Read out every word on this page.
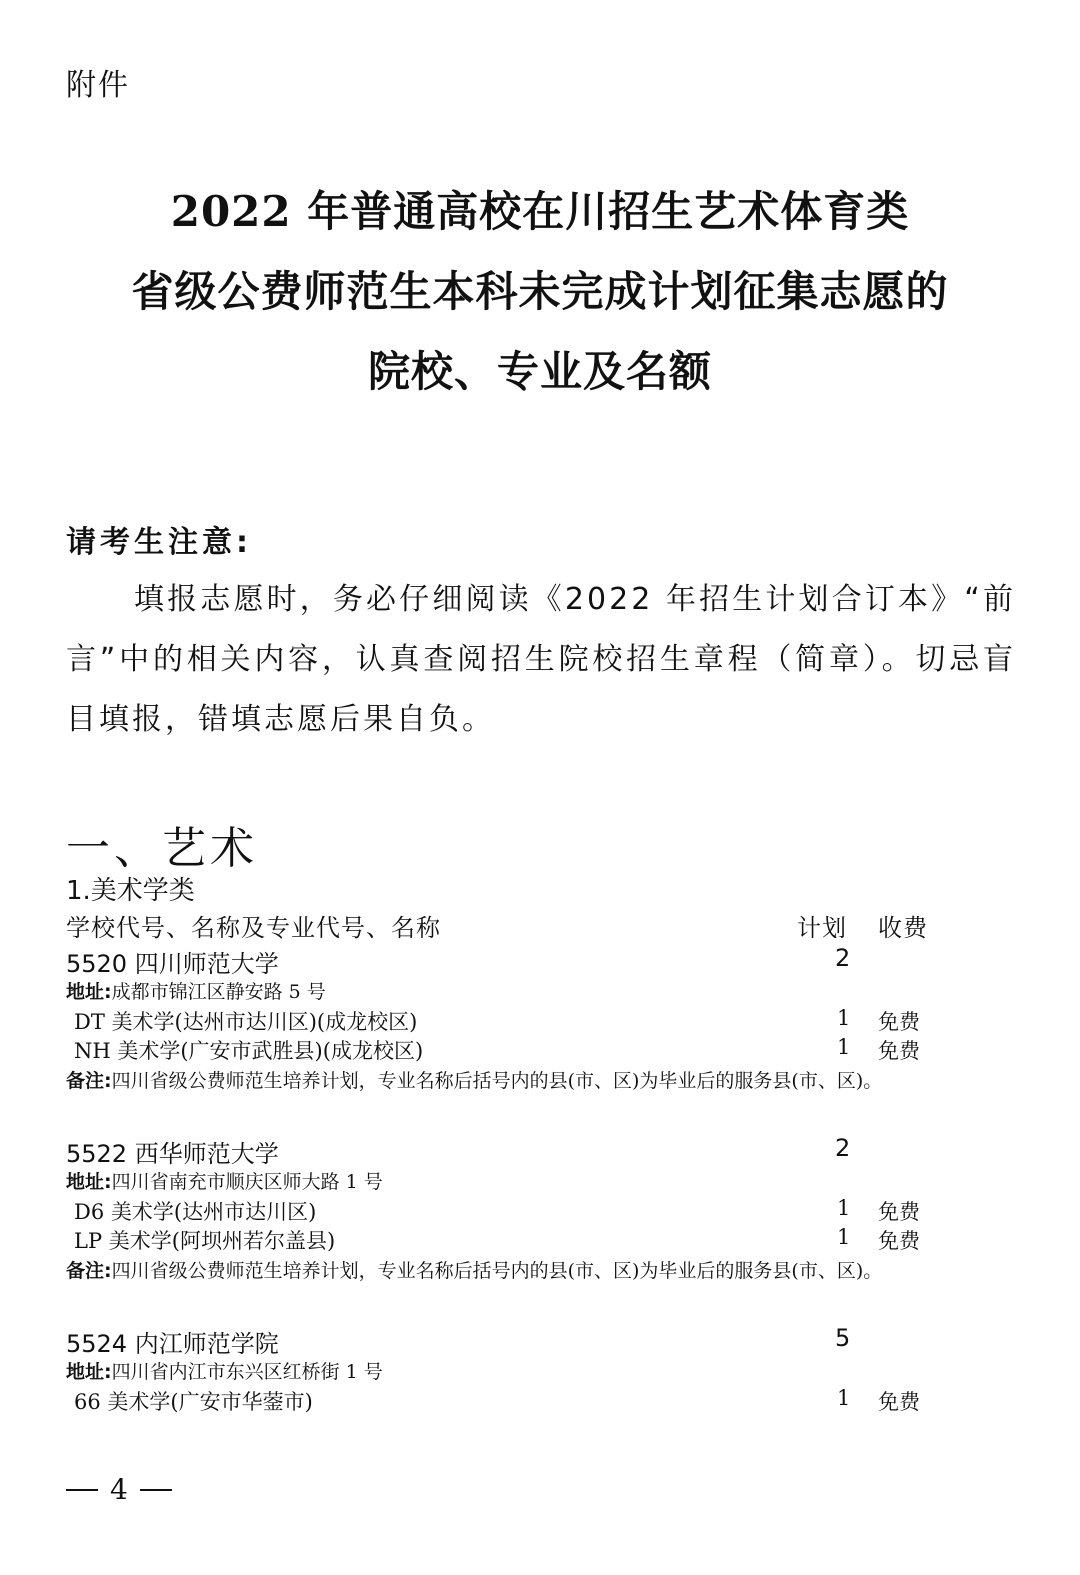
附件
2022 年普通高校在川招生艺术体育类
省级公费师范生本科未完成计划征集志愿的
院校、专业及名额
请考生注意:
填报志愿时，务必仔细阅读《2022 年招生计划合订本》“前言”中的相关内容，认真查阅招生院校招生章程（简章）。切忌盲目填报，错填志愿后果自负。
一、艺术
1.美术学类
学校代号、名称及专业代号、名称	计划 收费
5520 四川师范大学	2
地址:成都市锦江区静安路 5 号
DT 美术学(达州市达川区)(成龙校区)	1 免费
NH 美术学(广安市武胜县)(成龙校区)	1 免费
备注:四川省级公费师范生培养计划，专业名称后括号内的县(市、区)为毕业后的服务县(市、区)。
5522 西华师范大学	2
地址:四川省南充市顺庆区师大路 1 号
D6 美术学(达州市达川区)	1 免费
LP 美术学(阿坝州若尔盖县)	1 免费
备注:四川省级公费师范生培养计划，专业名称后括号内的县(市、区)为毕业后的服务县(市、区)。
5524 内江师范学院	5
地址:四川省内江市东兴区红桥街 1 号
66 美术学(广安市华蓥市)	1 免费
4
